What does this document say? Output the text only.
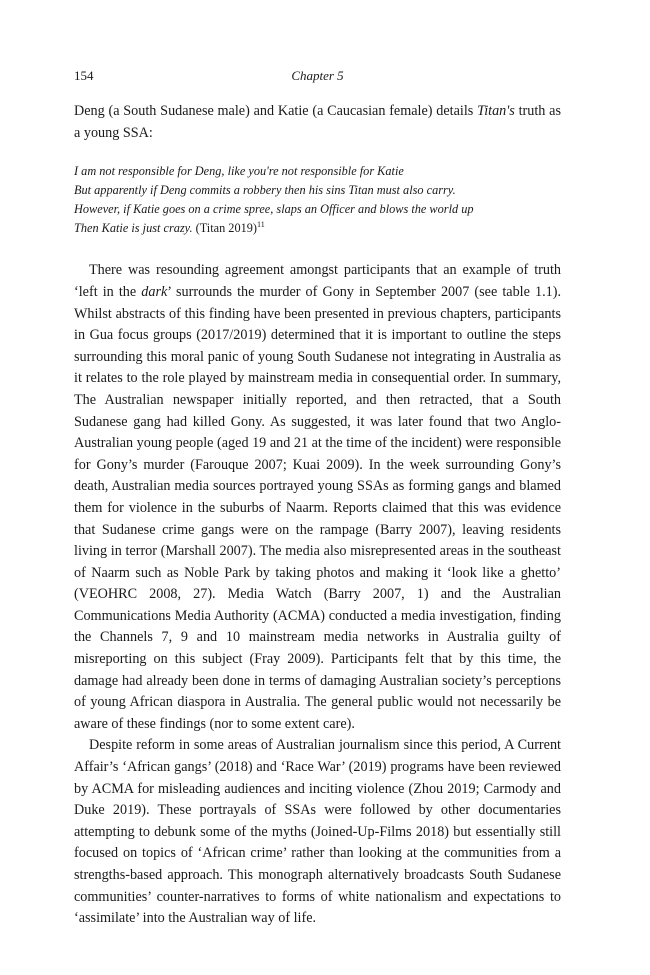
154	Chapter 5

Deng (a South Sudanese male) and Katie (a Caucasian female) details Titan's truth as a young SSA:

I am not responsible for Deng, like you're not responsible for Katie
But apparently if Deng commits a robbery then his sins Titan must also carry.
However, if Katie goes on a crime spree, slaps an Officer and blows the world up
Then Katie is just crazy. (Titan 2019)$^{11}$

There was resounding agreement amongst participants that an example of truth ‘left in the dark’ surrounds the murder of Gony in September 2007 (see table 1.1). Whilst abstracts of this finding have been presented in previous chapters, participants in Gua focus groups (2017/2019) determined that it is important to outline the steps surrounding this moral panic of young South Sudanese not integrating in Australia as it relates to the role played by mainstream media in consequential order. In summary, The Australian newspaper initially reported, and then retracted, that a South Sudanese gang had killed Gony. As suggested, it was later found that two Anglo-Australian young people (aged 19 and 21 at the time of the incident) were responsible for Gony’s murder (Farouque 2007; Kuai 2009). In the week surrounding Gony’s death, Australian media sources portrayed young SSAs as forming gangs and blamed them for violence in the suburbs of Naarm. Reports claimed that this was evidence that Sudanese crime gangs were on the rampage (Barry 2007), leaving residents living in terror (Marshall 2007). The media also misrepresented areas in the southeast of Naarm such as Noble Park by taking photos and making it ‘look like a ghetto’ (VEOHRC 2008, 27). Media Watch (Barry 2007, 1) and the Australian Communications Media Authority (ACMA) conducted a media investigation, finding the Channels 7, 9 and 10 mainstream media networks in Australia guilty of misreporting on this subject (Fray 2009). Participants felt that by this time, the damage had already been done in terms of damaging Australian society’s perceptions of young African diaspora in Australia. The general public would not necessarily be aware of these findings (nor to some extent care).

Despite reform in some areas of Australian journalism since this period, A Current Affair’s ‘African gangs’ (2018) and ‘Race War’ (2019) programs have been reviewed by ACMA for misleading audiences and inciting violence (Zhou 2019; Carmody and Duke 2019). These portrayals of SSAs were followed by other documentaries attempting to debunk some of the myths (Joined-Up-Films 2018) but essentially still focused on topics of ‘African crime’ rather than looking at the communities from a strengths-based approach. This monograph alternatively broadcasts South Sudanese communities’ counter-narratives to forms of white nationalism and expectations to ‘assimilate’ into the Australian way of life.
